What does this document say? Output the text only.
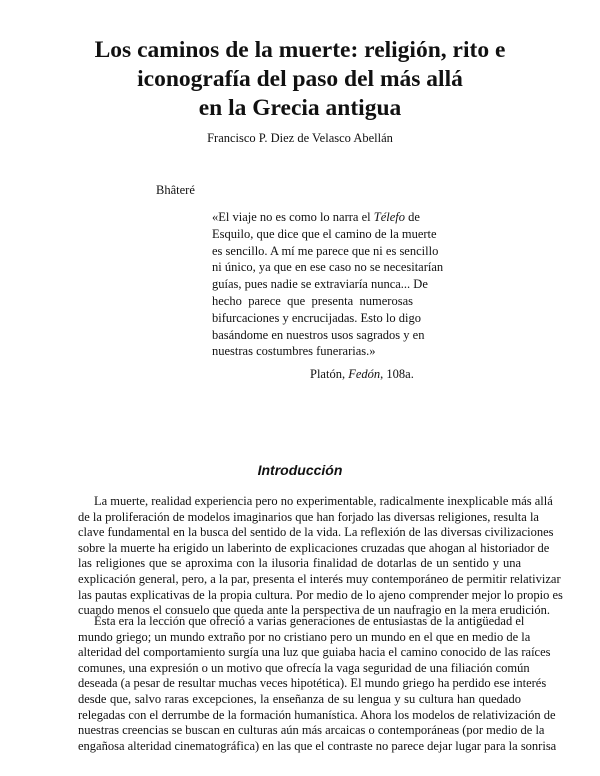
Los caminos de la muerte: religión, rito e
iconografía del paso del más allá
en la Grecia antigua
Francisco P. Diez de Velasco Abellán
Bhâteré
«El viaje no es como lo narra el Télefo de
Esquilo, que dice que el camino de la muerte
es sencillo. A mí me parece que ni es sencillo
ni único, ya que en ese caso no se necesitarían
guías, pues nadie se extraviaría nunca... De
hecho parece que presenta numerosas
bifurcaciones y encrucijadas. Esto lo digo
basándome en nuestros usos sagrados y en
nuestras costumbres funerarias.»
Platón, Fedón, 108a.
Introducción
La muerte, realidad experiencia pero no experimentable, radicalmente inexplicable más allá
de la proliferación de modelos imaginarios que han forjado las diversas religiones, resulta la
clave fundamental en la busca del sentido de la vida. La reflexión de las diversas civilizaciones
sobre la muerte ha erigido un laberinto de explicaciones cruzadas que ahogan al historiador de
las religiones que se aproxima con la ilusoria finalidad de dotarlas de un sentido y una
explicación general, pero, a la par, presenta el interés muy contemporáneo de permitir relativizar
las pautas explicativas de la propia cultura. Por medio de lo ajeno comprender mejor lo propio es
cuando menos el consuelo que queda ante la perspectiva de un naufragio en la mera erudición.
Ésta era la lección que ofreció a varias generaciones de entusiastas de la antigüedad el
mundo griego; un mundo extraño por no cristiano pero un mundo en el que en medio de la
alteridad del comportamiento surgía una luz que guiaba hacia el camino conocido de las raíces
comunes, una expresión o un motivo que ofrecía la vaga seguridad de una filiación común
deseada (a pesar de resultar muchas veces hipotética). El mundo griego ha perdido ese interés
desde que, salvo raras excepciones, la enseñanza de su lengua y su cultura han quedado
relegadas con el derrumbe de la formación humanística. Ahora los modelos de relativización de
nuestras creencias se buscan en culturas aún más arcaicas o contemporáneas (por medio de la
engañosa alteridad cinematográfica) en las que el contraste no parece dejar lugar para la sonrisa
